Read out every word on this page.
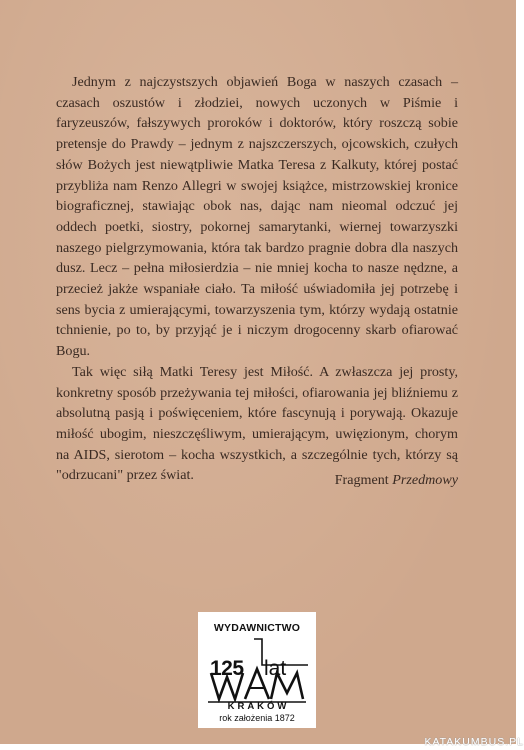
Jednym z najczystszych objawień Boga w naszych czasach – czasach oszustów i złodziei, nowych uczonych w Piśmie i faryzeuszów, fałszywych proroków i doktorów, który roszczą sobie pretensje do Prawdy – jednym z najszczerszych, ojcowskich, czułych słów Bożych jest niewątpliwie Matka Teresa z Kalkuty, której postać przybliża nam Renzo Allegri w swojej książce, mistrzowskiej kronice biograficznej, stawiając obok nas, dając nam nieomal odczuć jej oddech poetki, siostry, pokornej samarytanki, wiernej towarzyszki naszego pielgrzymowania, która tak bardzo pragnie dobra dla naszych dusz. Lecz – pełna miłosierdzia – nie mniej kocha to nasze nędzne, a przecież jakże wspaniałe ciało. Ta miłość uświadomiła jej potrzebę i sens bycia z umierającymi, towarzyszenia tym, którzy wydają ostatnie tchnienie, po to, by przyjąć je i niczym drogocenny skarb ofiarować Bogu.

Tak więc siłą Matki Teresy jest Miłość. A zwłaszcza jej prosty, konkretny sposób przeżywania tej miłości, ofiarowania jej bliźniemu z absolutną pasją i poświęceniem, które fascynują i porywają. Okazuje miłość ubogim, nieszczęśliwym, umierającym, uwięzionym, chorym na AIDS, sierotom – kocha wszystkich, a szczególnie tych, którzy są "odrzucani" przez świat.	Fragment Przedmowy
WYDAWNICTWO
125 lat
KRAKÓW
rok założenia 1872
KATAKUMBUS.PL
